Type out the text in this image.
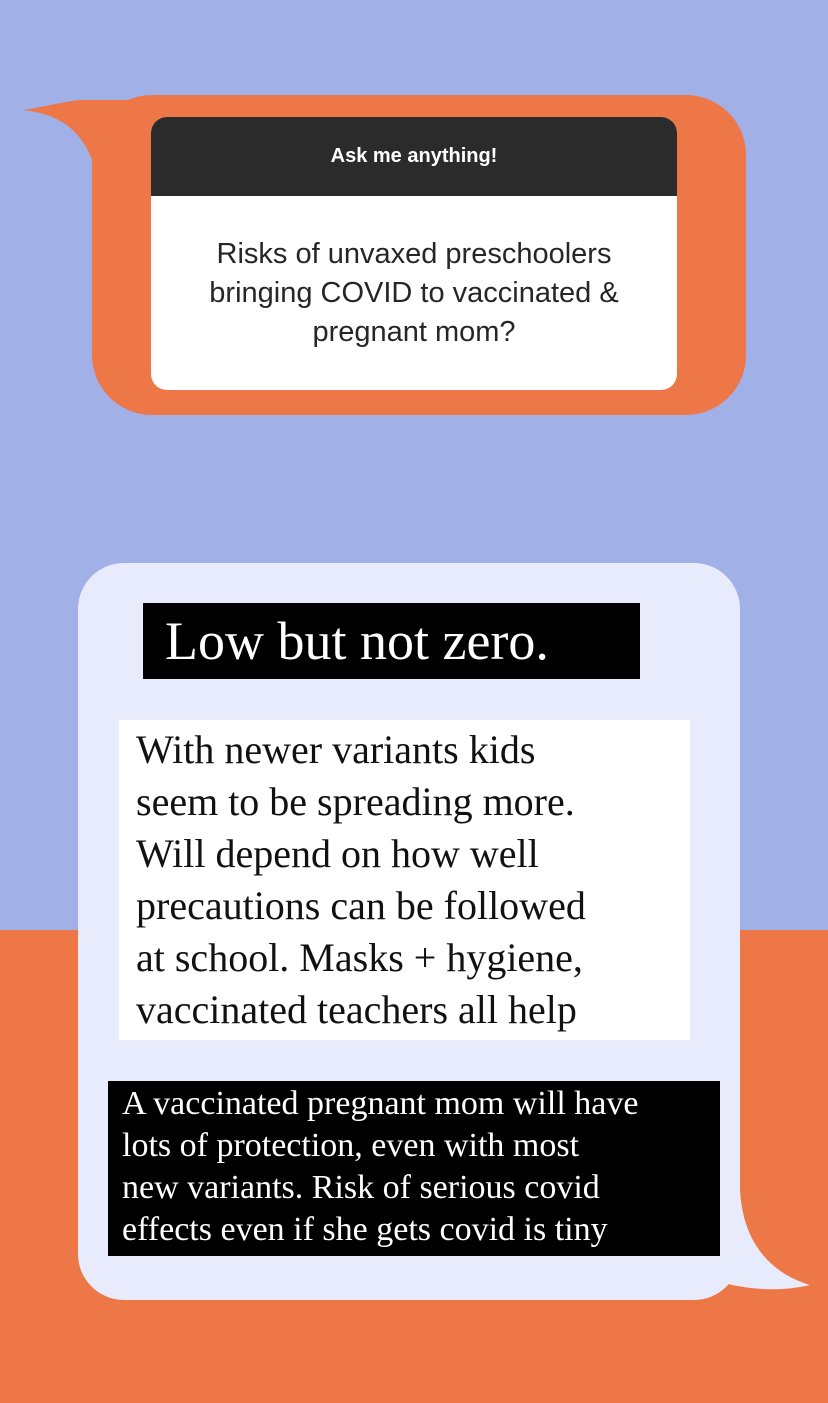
Ask me anything!
Risks of unvaxed preschoolers bringing COVID to vaccinated & pregnant mom?
Low but not zero.
With newer variants kids
seem to be spreading more.
Will depend on how well
precautions can be followed
at school. Masks + hygiene,
vaccinated teachers all help
A vaccinated pregnant mom will have
lots of protection, even with most
new variants. Risk of serious covid
effects even if she gets covid is tiny
